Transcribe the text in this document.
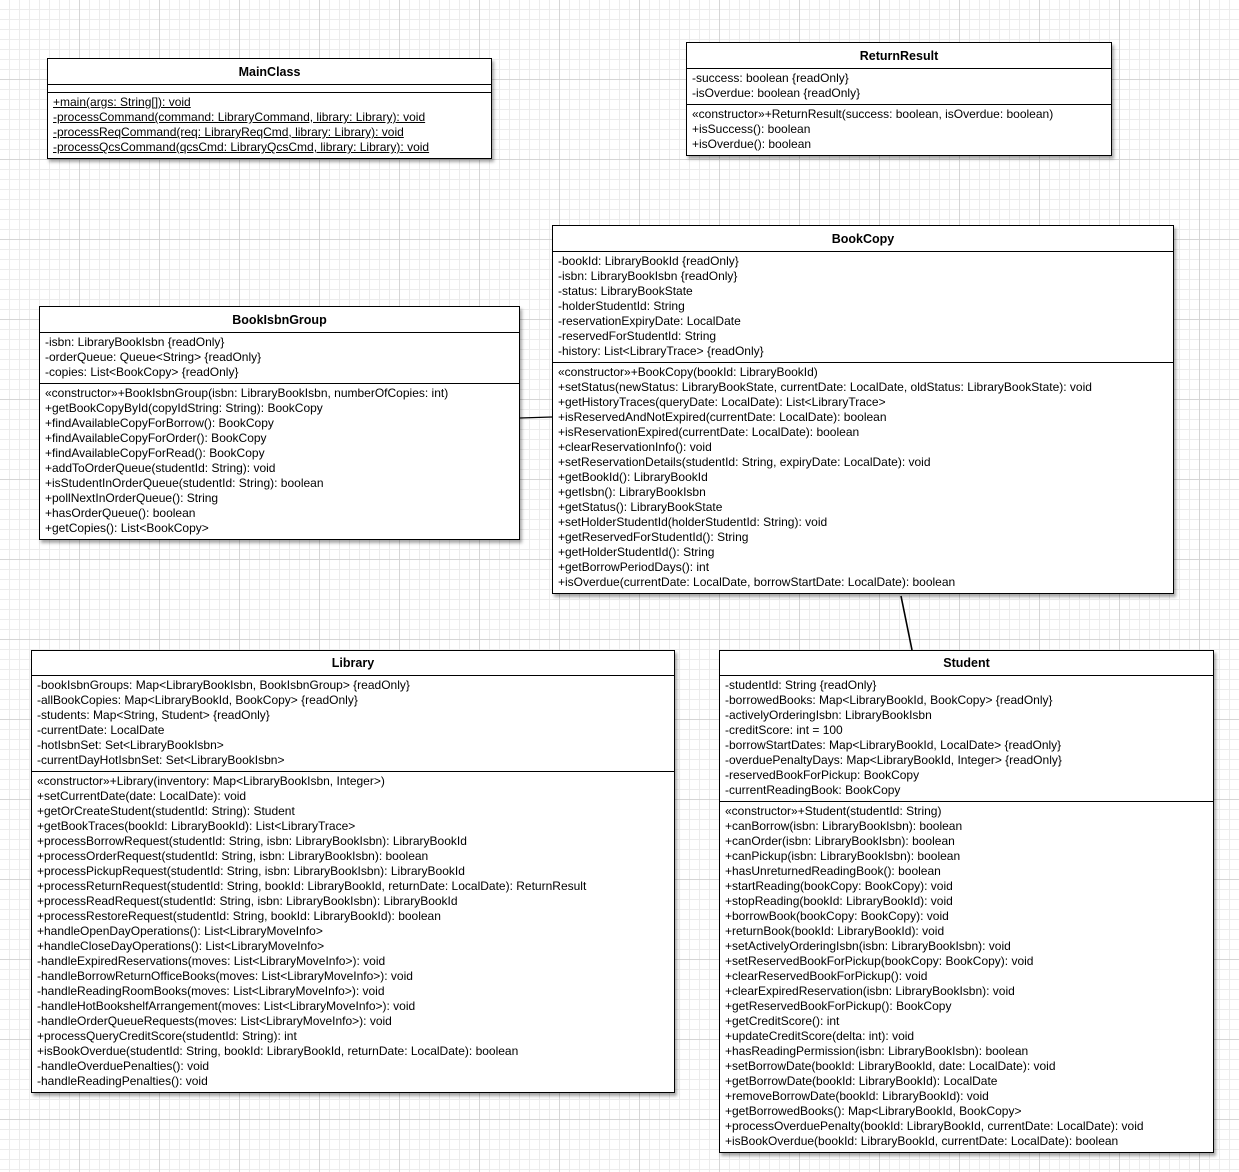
MainClass
+main(args: String[]): void
-processCommand(command: LibraryCommand, library: Library): void
-processReqCommand(req: LibraryReqCmd, library: Library): void
-processQcsCommand(qcsCmd: LibraryQcsCmd, library: Library): void
ReturnResult
-success: boolean {readOnly}
-isOverdue: boolean {readOnly}
«constructor»+ReturnResult(success: boolean, isOverdue: boolean)
+isSuccess(): boolean
+isOverdue(): boolean
BookCopy
-bookId: LibraryBookId {readOnly}
-isbn: LibraryBookIsbn {readOnly}
-status: LibraryBookState
-holderStudentId: String
-reservationExpiryDate: LocalDate
-reservedForStudentId: String
-history: List<LibraryTrace> {readOnly}
«constructor»+BookCopy(bookId: LibraryBookId)
+setStatus(newStatus: LibraryBookState, currentDate: LocalDate, oldStatus: LibraryBookState): void
+getHistoryTraces(queryDate: LocalDate): List<LibraryTrace>
+isReservedAndNotExpired(currentDate: LocalDate): boolean
+isReservationExpired(currentDate: LocalDate): boolean
+clearReservationInfo(): void
+setReservationDetails(studentId: String, expiryDate: LocalDate): void
+getBookId(): LibraryBookId
+getIsbn(): LibraryBookIsbn
+getStatus(): LibraryBookState
+setHolderStudentId(holderStudentId: String): void
+getReservedForStudentId(): String
+getHolderStudentId(): String
+getBorrowPeriodDays(): int
+isOverdue(currentDate: LocalDate, borrowStartDate: LocalDate): boolean
BookIsbnGroup
-isbn: LibraryBookIsbn {readOnly}
-orderQueue: Queue<String> {readOnly}
-copies: List<BookCopy> {readOnly}
«constructor»+BookIsbnGroup(isbn: LibraryBookIsbn, numberOfCopies: int)
+getBookCopyById(copyIdString: String): BookCopy
+findAvailableCopyForBorrow(): BookCopy
+findAvailableCopyForOrder(): BookCopy
+findAvailableCopyForRead(): BookCopy
+addToOrderQueue(studentId: String): void
+isStudentInOrderQueue(studentId: String): boolean
+pollNextInOrderQueue(): String
+hasOrderQueue(): boolean
+getCopies(): List<BookCopy>
Library
-bookIsbnGroups: Map<LibraryBookIsbn, BookIsbnGroup> {readOnly}
-allBookCopies: Map<LibraryBookId, BookCopy> {readOnly}
-students: Map<String, Student> {readOnly}
-currentDate: LocalDate
-hotIsbnSet: Set<LibraryBookIsbn>
-currentDayHotIsbnSet: Set<LibraryBookIsbn>
«constructor»+Library(inventory: Map<LibraryBookIsbn, Integer>)
+setCurrentDate(date: LocalDate): void
+getOrCreateStudent(studentId: String): Student
+getBookTraces(bookId: LibraryBookId): List<LibraryTrace>
+processBorrowRequest(studentId: String, isbn: LibraryBookIsbn): LibraryBookId
+processOrderRequest(studentId: String, isbn: LibraryBookIsbn): boolean
+processPickupRequest(studentId: String, isbn: LibraryBookIsbn): LibraryBookId
+processReturnRequest(studentId: String, bookId: LibraryBookId, returnDate: LocalDate): ReturnResult
+processReadRequest(studentId: String, isbn: LibraryBookIsbn): LibraryBookId
+processRestoreRequest(studentId: String, bookId: LibraryBookId): boolean
+handleOpenDayOperations(): List<LibraryMoveInfo>
+handleCloseDayOperations(): List<LibraryMoveInfo>
-handleExpiredReservations(moves: List<LibraryMoveInfo>): void
-handleBorrowReturnOfficeBooks(moves: List<LibraryMoveInfo>): void
-handleReadingRoomBooks(moves: List<LibraryMoveInfo>): void
-handleHotBookshelfArrangement(moves: List<LibraryMoveInfo>): void
-handleOrderQueueRequests(moves: List<LibraryMoveInfo>): void
+processQueryCreditScore(studentId: String): int
+isBookOverdue(studentId: String, bookId: LibraryBookId, returnDate: LocalDate): boolean
-handleOverduePenalties(): void
-handleReadingPenalties(): void
Student
-studentId: String {readOnly}
-borrowedBooks: Map<LibraryBookId, BookCopy> {readOnly}
-activelyOrderingIsbn: LibraryBookIsbn
-creditScore: int = 100
-borrowStartDates: Map<LibraryBookId, LocalDate> {readOnly}
-overduePenaltyDays: Map<LibraryBookId, Integer> {readOnly}
-reservedBookForPickup: BookCopy
-currentReadingBook: BookCopy
«constructor»+Student(studentId: String)
+canBorrow(isbn: LibraryBookIsbn): boolean
+canOrder(isbn: LibraryBookIsbn): boolean
+canPickup(isbn: LibraryBookIsbn): boolean
+hasUnreturnedReadingBook(): boolean
+startReading(bookCopy: BookCopy): void
+stopReading(bookId: LibraryBookId): void
+borrowBook(bookCopy: BookCopy): void
+returnBook(bookId: LibraryBookId): void
+setActivelyOrderingIsbn(isbn: LibraryBookIsbn): void
+setReservedBookForPickup(bookCopy: BookCopy): void
+clearReservedBookForPickup(): void
+clearExpiredReservation(isbn: LibraryBookIsbn): void
+getReservedBookForPickup(): BookCopy
+getCreditScore(): int
+updateCreditScore(delta: int): void
+hasReadingPermission(isbn: LibraryBookIsbn): boolean
+setBorrowDate(bookId: LibraryBookId, date: LocalDate): void
+getBorrowDate(bookId: LibraryBookId): LocalDate
+removeBorrowDate(bookId: LibraryBookId): void
+getBorrowedBooks(): Map<LibraryBookId, BookCopy>
+processOverduePenalty(bookId: LibraryBookId, currentDate: LocalDate): void
+isBookOverdue(bookId: LibraryBookId, currentDate: LocalDate): boolean
